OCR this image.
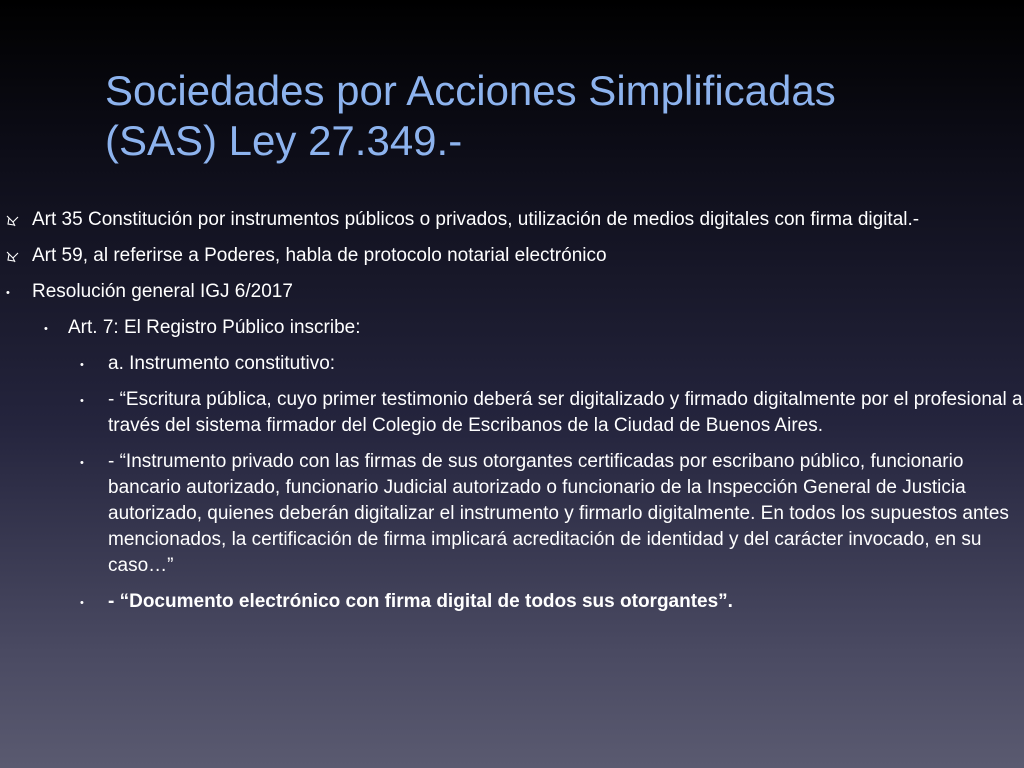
Sociedades por Acciones Simplificadas
(SAS) Ley 27.349.-
Art 35 Constitución por instrumentos públicos o privados, utilización de medios digitales con firma digital.-
Art 59, al referirse a Poderes, habla de protocolo notarial electrónico
• Resolución general IGJ 6/2017
• Art. 7: El Registro Público inscribe:
• a. Instrumento constitutivo:
• - “Escritura pública, cuyo primer testimonio deberá ser digitalizado y firmado digitalmente por el profesional a través del sistema firmador del Colegio de Escribanos de la Ciudad de Buenos Aires.
• - “Instrumento privado con las firmas de sus otorgantes certificadas por escribano público, funcionario bancario autorizado, funcionario Judicial autorizado o funcionario de la Inspección General de Justicia autorizado, quienes deberán digitalizar el instrumento y firmarlo digitalmente. En todos los supuestos antes mencionados, la certificación de firma implicará acreditación de identidad y del carácter invocado, en su caso…”
• - “Documento electrónico con firma digital de todos sus otorgantes”.
